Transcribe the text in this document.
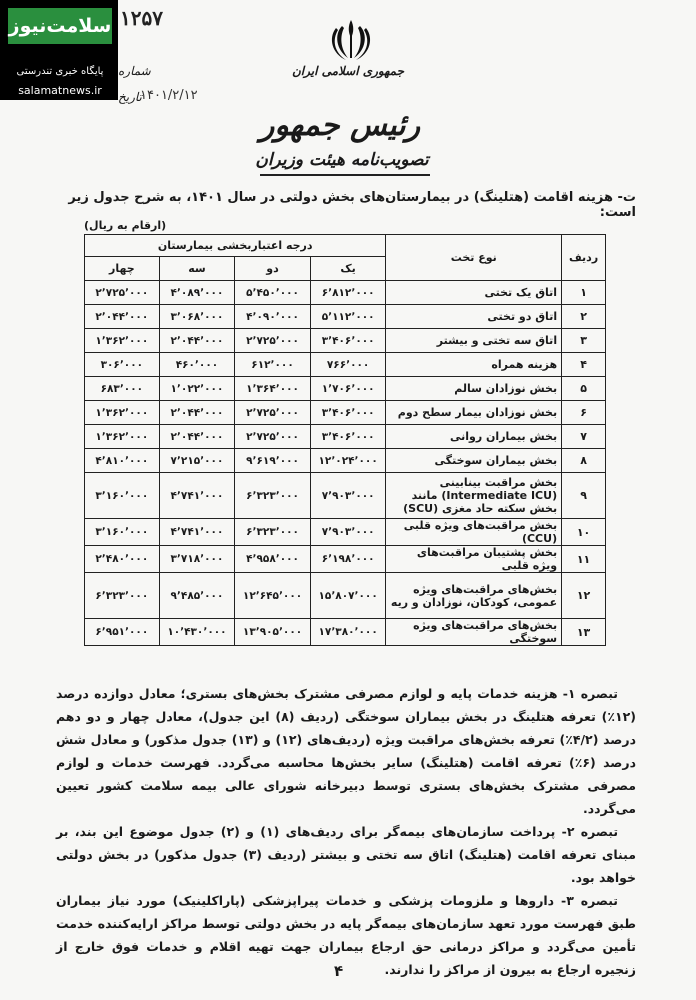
سلامت‌نیوز
پایگاه خبری تندرستی
salamatnews.ir
۱۲۵۷
شماره
تاریخ
۱۴۰۱/۲/۱۲
جمهوری اسلامی ایران
رئیس جمهور
تصویب‌نامه هیئت وزیران
ت- هزینه اقامت (هتلینگ) در بیمارستان‌های بخش دولتی در سال ۱۴۰۱، به شرح جدول زیر است:
(ارقام به ریال)
ردیف	نوع تخت	درجه اعتباربخشی بیمارستان			
		یک	دو	سه	چهار
۱	اتاق یک تختی	۶٬۸۱۲٬۰۰۰	۵٬۴۵۰٬۰۰۰	۴٬۰۸۹٬۰۰۰	۲٬۷۲۵٬۰۰۰
۲	اتاق دو تختی	۵٬۱۱۲٬۰۰۰	۴٬۰۹۰٬۰۰۰	۳٬۰۶۸٬۰۰۰	۲٬۰۴۴٬۰۰۰
۳	اتاق سه تختی و بیشتر	۳٬۴۰۶٬۰۰۰	۲٬۷۲۵٬۰۰۰	۲٬۰۴۴٬۰۰۰	۱٬۳۶۲٬۰۰۰
۴	هزینه همراه	۷۶۶٬۰۰۰	۶۱۲٬۰۰۰	۴۶۰٬۰۰۰	۳۰۶٬۰۰۰
۵	بخش نوزادان سالم	۱٬۷۰۶٬۰۰۰	۱٬۳۶۴٬۰۰۰	۱٬۰۲۲٬۰۰۰	۶۸۳٬۰۰۰
۶	بخش نوزادان بیمار سطح دوم	۳٬۴۰۶٬۰۰۰	۲٬۷۲۵٬۰۰۰	۲٬۰۴۴٬۰۰۰	۱٬۳۶۲٬۰۰۰
۷	بخش بیماران روانی	۳٬۴۰۶٬۰۰۰	۲٬۷۲۵٬۰۰۰	۲٬۰۴۴٬۰۰۰	۱٬۳۶۲٬۰۰۰
۸	بخش بیماران سوختگی	۱۲٬۰۲۴٬۰۰۰	۹٬۶۱۹٬۰۰۰	۷٬۲۱۵٬۰۰۰	۴٬۸۱۰٬۰۰۰
۹	بخش مراقبت بینابینی (Intermediate ICU) مانند بخش سکته حاد مغزی (SCU)	۷٬۹۰۳٬۰۰۰	۶٬۳۲۳٬۰۰۰	۴٬۷۴۱٬۰۰۰	۳٬۱۶۰٬۰۰۰
۱۰	بخش مراقبت‌های ویژه قلبی (CCU)	۷٬۹۰۳٬۰۰۰	۶٬۳۲۳٬۰۰۰	۴٬۷۴۱٬۰۰۰	۳٬۱۶۰٬۰۰۰
۱۱	بخش پشتیبان مراقبت‌های ویژه قلبی	۶٬۱۹۸٬۰۰۰	۴٬۹۵۸٬۰۰۰	۳٬۷۱۸٬۰۰۰	۲٬۴۸۰٬۰۰۰
۱۲	بخش‌های مراقبت‌های ویژه عمومی، کودکان، نوزادان و ریه	۱۵٬۸۰۷٬۰۰۰	۱۲٬۶۴۵٬۰۰۰	۹٬۴۸۵٬۰۰۰	۶٬۳۲۳٬۰۰۰
۱۳	بخش‌های مراقبت‌های ویژه سوختگی	۱۷٬۳۸۰٬۰۰۰	۱۳٬۹۰۵٬۰۰۰	۱۰٬۴۳۰٬۰۰۰	۶٬۹۵۱٬۰۰۰

تبصره ۱- هزینه خدمات پایه و لوازم مصرفی مشترک بخش‌های بستری؛ معادل دوازده درصد (۱۲٪) تعرفه هتلینگ در بخش بیماران سوختگی (ردیف (۸) این جدول)، معادل چهار و دو دهم درصد (۴/۲٪) تعرفه بخش‌های مراقبت ویژه (ردیف‌های (۱۲) و (۱۳) جدول مذکور) و معادل شش درصد (۶٪) تعرفه اقامت (هتلینگ) سایر بخش‌ها محاسبه می‌گردد. فهرست خدمات و لوازم مصرفی مشترک بخش‌های بستری توسط دبیرخانه شورای عالی بیمه سلامت کشور تعیین می‌گردد.

تبصره ۲- پرداخت سازمان‌های بیمه‌گر برای ردیف‌های (۱) و (۲) جدول موضوع این بند، بر مبنای تعرفه اقامت (هتلینگ) اتاق سه تختی و بیشتر (ردیف (۳) جدول مذکور) در بخش دولتی خواهد بود.

تبصره ۳- داروها و ملزومات پزشکی و خدمات پیراپزشکی (پاراکلینیک) مورد نیاز بیماران طبق فهرست مورد تعهد سازمان‌های بیمه‌گر پایه در بخش دولتی توسط مراکز ارایه‌کننده خدمت تأمین می‌گردد و مراکز درمانی حق ارجاع بیماران جهت تهیه اقلام و خدمات فوق خارج از زنجیره ارجاع به بیرون از مراکز را ندارند.

۴
